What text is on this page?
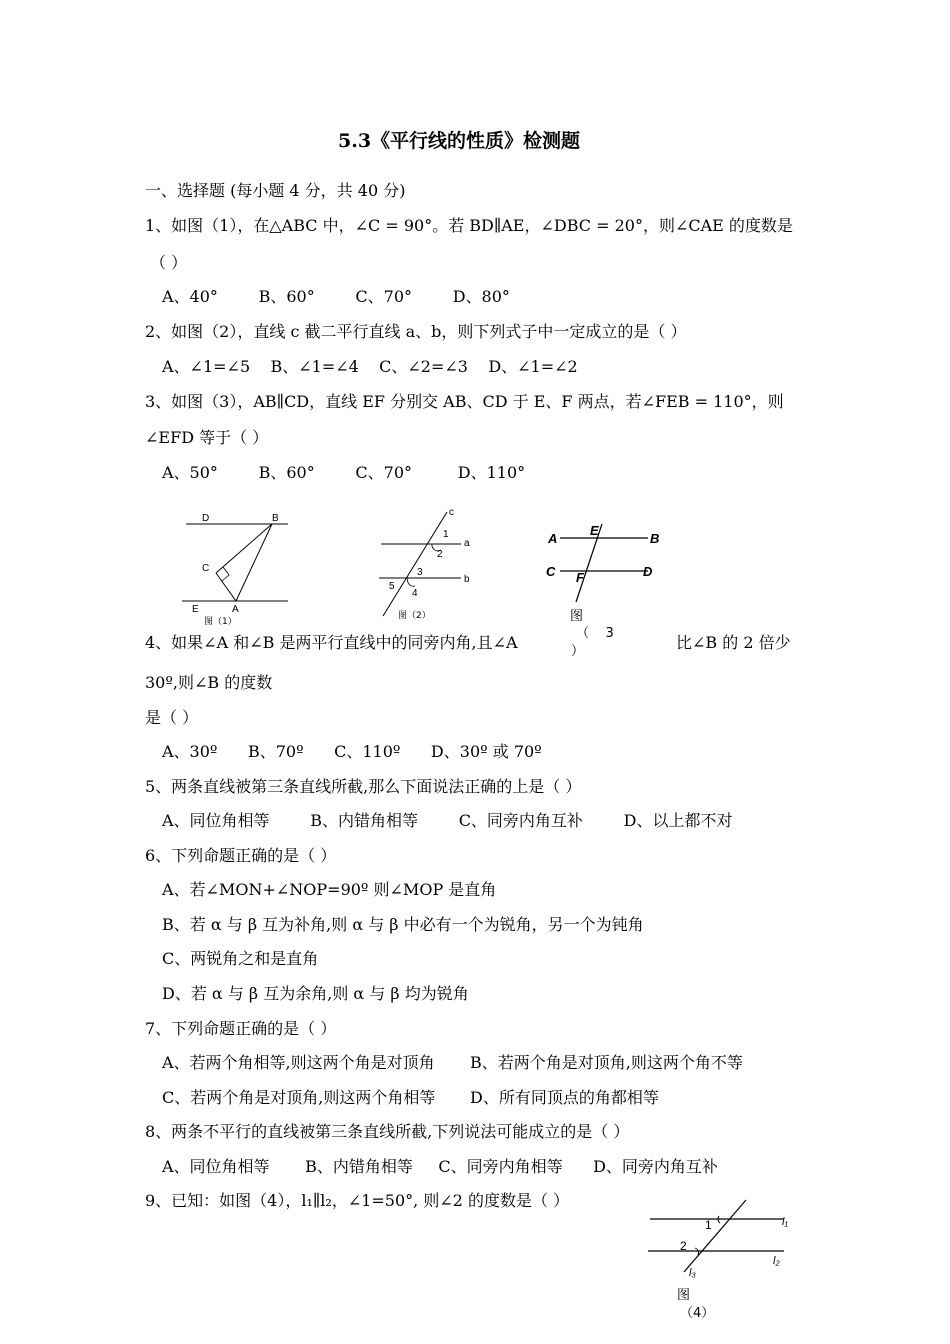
5.3《平行线的性质》检测题
一、选择题 (每小题 4 分，共 40 分)
1、如图（1），在△ABC 中，∠C = 90°。若 BD∥AE，∠DBC = 20°，则∠CAE 的度数是
（ ）
A、40°        B、60°        C、70°        D、80°
2、如图（2），直线 c 截二平行直线 a、b，则下列式子中一定成立的是（ ）
A、∠1=∠5    B、∠1=∠4    C、∠2=∠3    D、∠1=∠2
3、如图（3），AB∥CD，直线 EF 分别交 AB、CD 于 E、F 两点，若∠FEB = 110°，则
∠EFD 等于（ ）
A、50°        B、60°        C、70°         D、110°
D	B
C
E	A
图（1）
c
1
a
2
3
b
5
4
图（2）
A
E
B
C F	D
图
（    3
）
4、如果∠A 和∠B 是两平行直线中的同旁内角,且∠A	比∠B 的 2 倍少
30º,则∠B 的度数
是（ ）
A、30º      B、70º      C、110º      D、30º 或 70º
5、两条直线被第三条直线所截,那么下面说法正确的上是（ ）
A、同位角相等        B、内错角相等        C、同旁内角互补        D、以上都不对
6、下列命题正确的是（ ）
A、若∠MON+∠NOP=90º 则∠MOP 是直角
B、若 α 与 β 互为补角,则 α 与 β 中必有一个为锐角，另一个为钝角
C、两锐角之和是直角
D、若 α 与 β 互为余角,则 α 与 β 均为锐角
7、下列命题正确的是（ ）
A、若两个角相等,则这两个角是对顶角 B、若两个角是对顶角,则这两个角不等
C、若两个角是对顶角,则这两个角相等 D、所有同顶点的角都相等
8、两条不平行的直线被第三条直线所截,下列说法可能成立的是（ ）
A、同位角相等       B、内错角相等     C、同旁内角相等      D、同旁内角互补
9、已知：如图（4），l₁∥l₂，∠1=50°, 则∠2 的度数是（ ）
1	l₁
2
l₂
l₃
图
（4）
